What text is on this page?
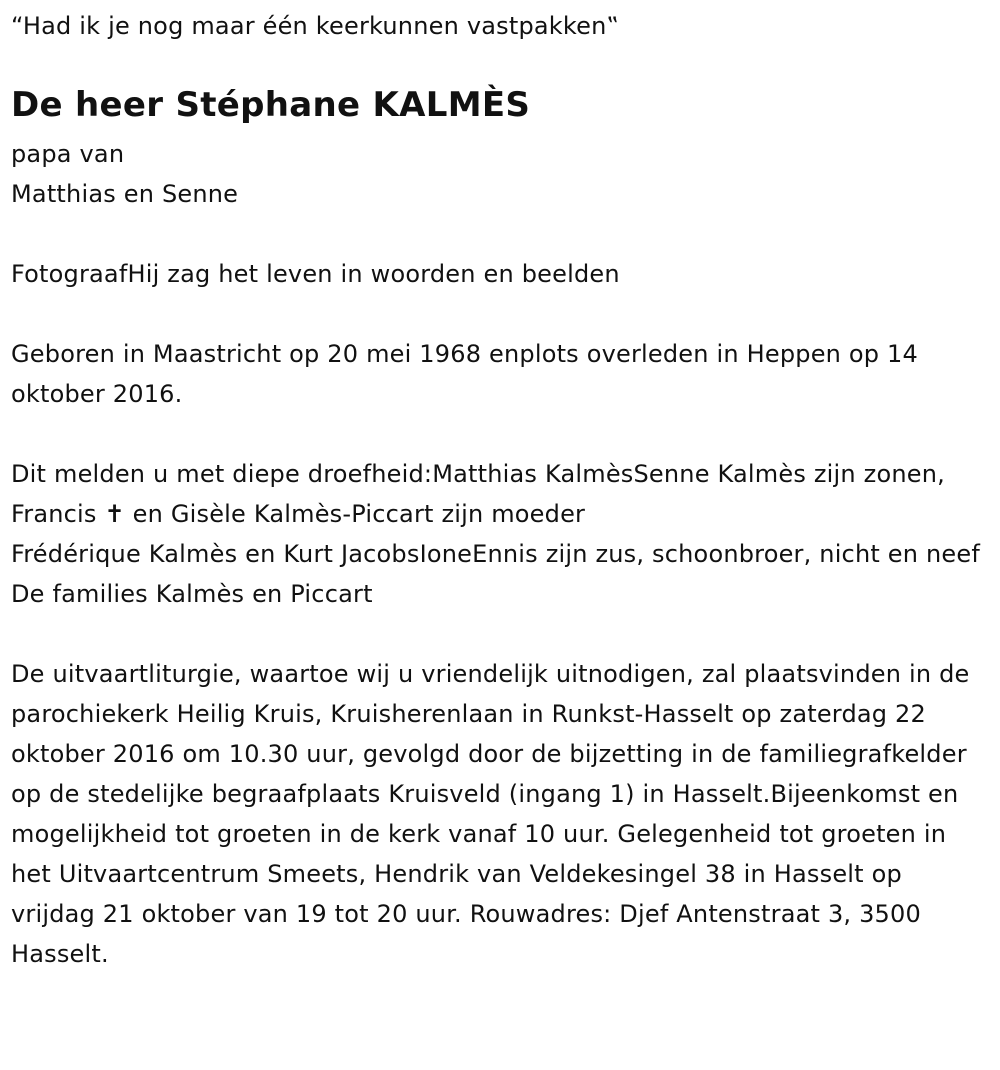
“Had ik je nog maar één keerkunnen vastpakken‟
De heer Stéphane KALMÈS
papa van
Matthias en Senne
FotograafHij zag het leven in woorden en beelden
Geboren in Maastricht op 20 mei 1968 enplots overleden in Heppen op 14 oktober 2016.
Dit melden u met diepe droefheid:Matthias KalmèsSenne Kalmès zijn zonen,
Francis ✝ en Gisèle Kalmès-Piccart zijn moeder
Frédérique Kalmès en Kurt JacobsIoneEnnis zijn zus, schoonbroer, nicht en neef
De families Kalmès en Piccart
De uitvaartliturgie, waartoe wij u vriendelijk uitnodigen, zal plaatsvinden in de parochiekerk Heilig Kruis, Kruisherenlaan in Runkst-Hasselt op zaterdag 22 oktober 2016 om 10.30 uur, gevolgd door de bijzetting in de familiegrafkelder op de stedelijke begraafplaats Kruisveld (ingang 1) in Hasselt.Bijeenkomst en mogelijkheid tot groeten in de kerk vanaf 10 uur. Gelegenheid tot groeten in het Uitvaartcentrum Smeets, Hendrik van Veldekesingel 38 in Hasselt op vrijdag 21 oktober van 19 tot 20 uur. Rouwadres: Djef Antenstraat 3, 3500 Hasselt.
